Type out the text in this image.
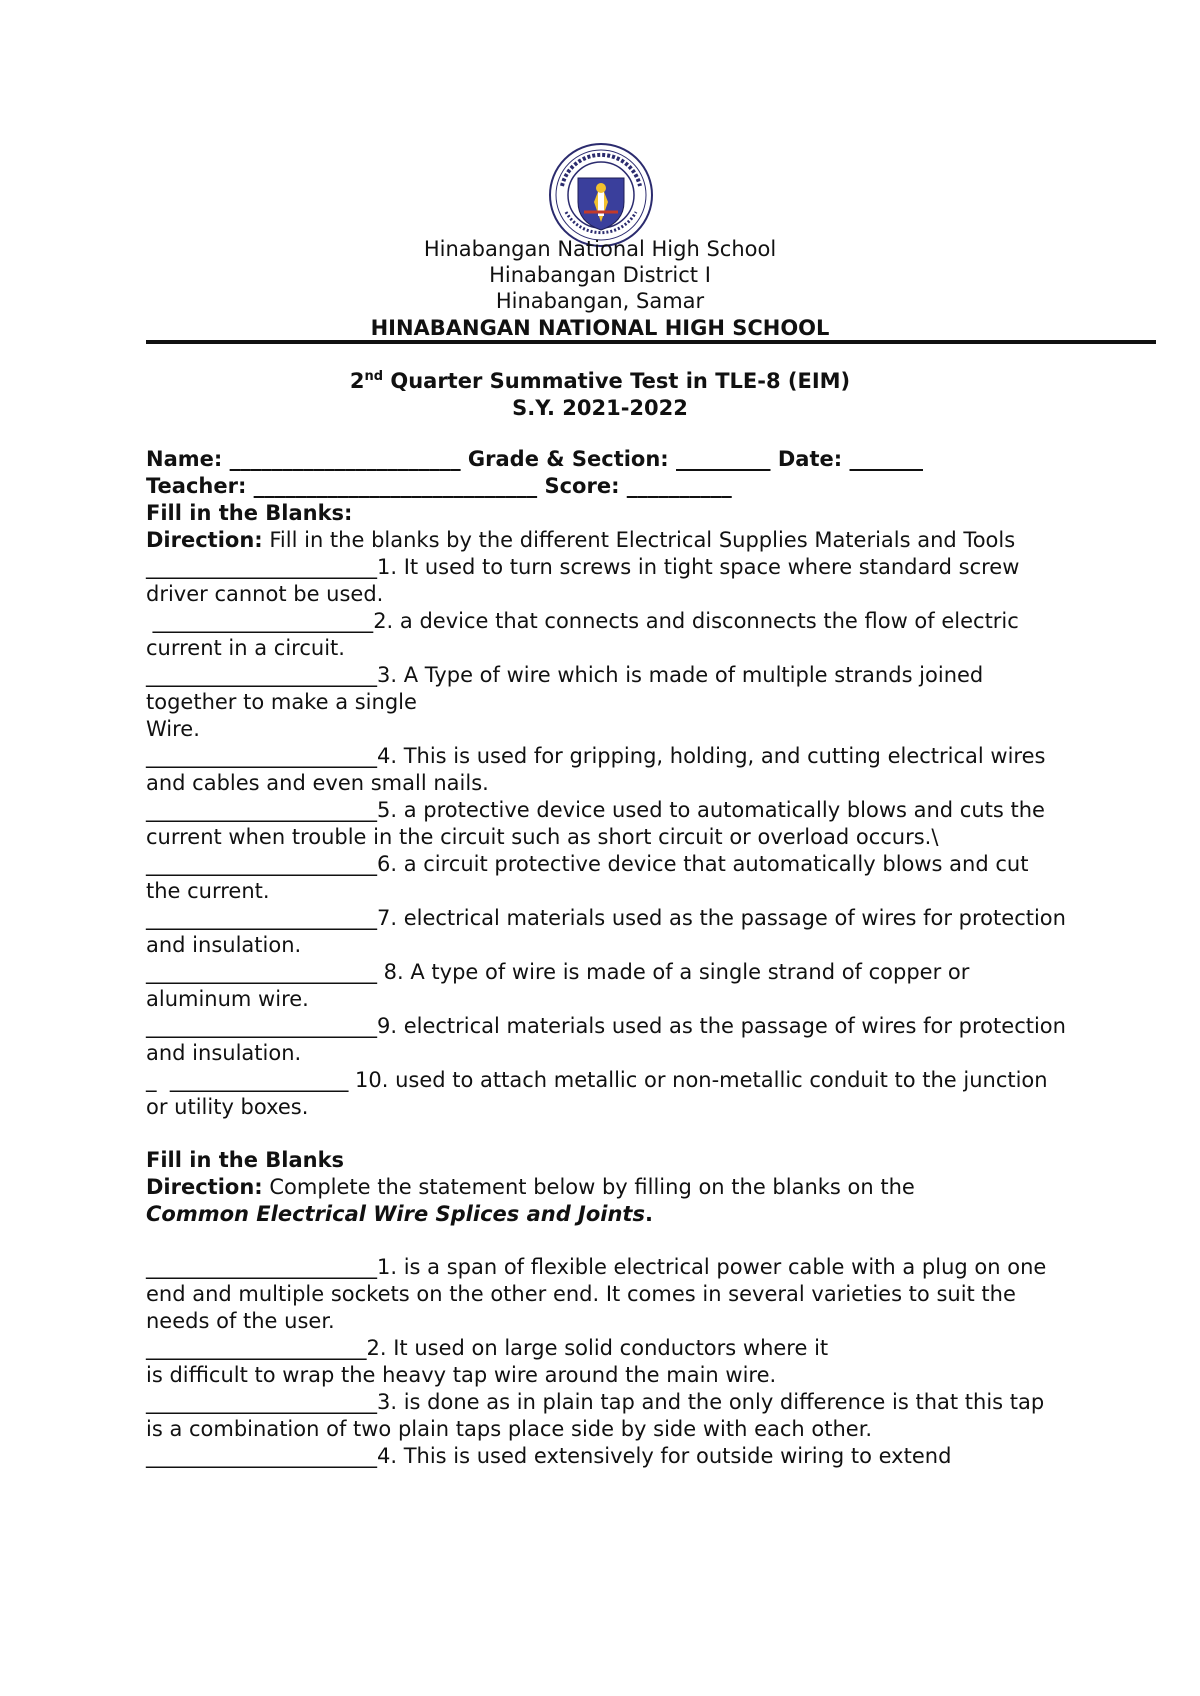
Hinabangan National High School
Hinabangan District I
Hinabangan, Samar
HINABANGAN NATIONAL HIGH SCHOOL
2nd Quarter Summative Test in TLE-8 (EIM)
S.Y. 2021-2022
Name: ______________________ Grade & Section: _________ Date: _______
Teacher: ___________________________ Score: __________
Fill in the Blanks:
Direction: Fill in the blanks by the different Electrical Supplies Materials and Tools
______________________1. It used to turn screws in tight space where standard screw driver cannot be used.
_____________________2. a device that connects and disconnects the flow of electric current in a circuit.
______________________3. A Type of wire which is made of multiple strands joined together to make a single
Wire.
______________________4. This is used for gripping, holding, and cutting electrical wires and cables and even small nails.
______________________5. a protective device used to automatically blows and cuts the current when trouble in the circuit such as short circuit or overload occurs.\
______________________6. a circuit protective device that automatically blows and cut the current.
______________________7. electrical materials used as the passage of wires for protection and insulation.
______________________ 8. A type of wire is made of a single strand of copper or aluminum wire.
______________________9. electrical materials used as the passage of wires for protection and insulation.
_  _________________ 10. used to attach metallic or non-metallic conduit to the junction or utility boxes.
Fill in the Blanks
Direction: Complete the statement below by filling on the blanks on the
Common Electrical Wire Splices and Joints.
______________________1. is a span of flexible electrical power cable with a plug on one end and multiple sockets on the other end. It comes in several varieties to suit the needs of the user.
_____________________2. It used on large solid conductors where it
is difficult to wrap the heavy tap wire around the main wire.
______________________3. is done as in plain tap and the only difference is that this tap is a combination of two plain taps place side by side with each other.
______________________4. This is used extensively for outside wiring to extend
